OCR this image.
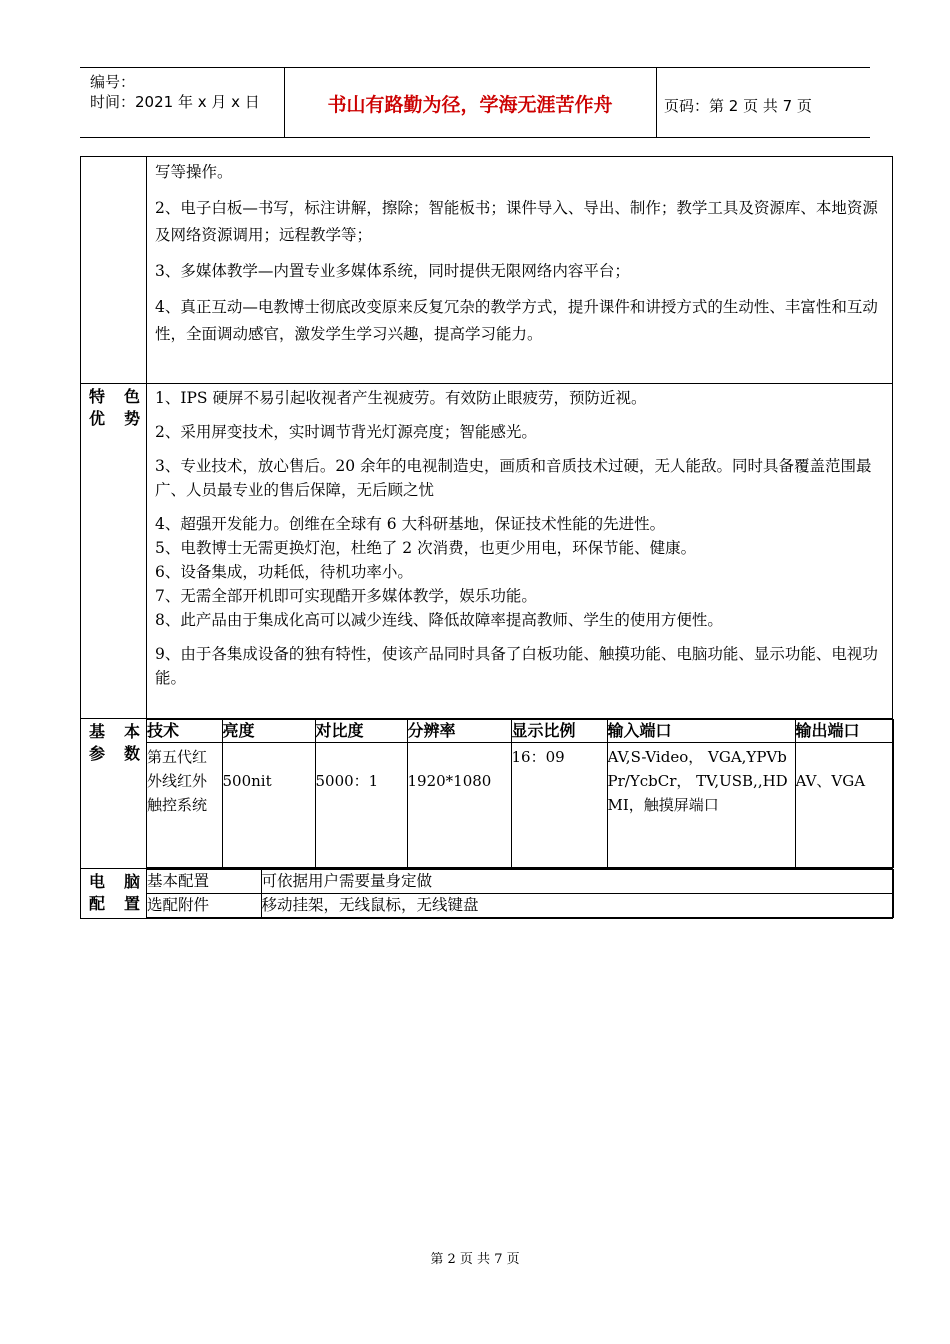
编号：
时间：2021 年 x 月 x 日	书山有路勤为径，学海无涯苦作舟	页码：第 2 页 共 7 页

写等操作。

2、电子白板—书写，标注讲解，擦除；智能板书；课件导入、导出、制作；教学工具及资源库、本地资源及网络资源调用；远程教学等；

3、多媒体教学—内置专业多媒体系统，同时提供无限网络内容平台；

4、真正互动—电教博士彻底改变原来反复冗杂的教学方式，提升课件和讲授方式的生动性、丰富性和互动性，全面调动感官，激发学生学习兴趣，提高学习能力。

特色
优势

1、IPS 硬屏不易引起收视者产生视疲劳。有效防止眼疲劳，预防近视。

2、采用屏变技术，实时调节背光灯源亮度；智能感光。

3、专业技术，放心售后。20 余年的电视制造史，画质和音质技术过硬，无人能敌。同时具备覆盖范围最广、人员最专业的售后保障，无后顾之忧

4、超强开发能力。创维在全球有 6 大科研基地，保证技术性能的先进性。

5、电教博士无需更换灯泡，杜绝了 2 次消费，也更少用电，环保节能、健康。

6、设备集成，功耗低，待机功率小。

7、无需全部开机即可实现酷开多媒体教学，娱乐功能。

8、此产品由于集成化高可以减少连线、降低故障率提高教师、学生的使用方便性。

9、由于各集成设备的独有特性，使该产品同时具备了白板功能、触摸功能、电脑功能、显示功能、电视功能。

基本
参数

技术	亮度	对比度	分辨率	显示比例	输入端口	输出端口
第五代红外线红外触控系统	500nit	5000：1	1920*1080	16：09	AV,S-Video， VGA,YPVbPr/YcbCr， TV,USB,,HDMI，触摸屏端口	AV、VGA

电脑
配置

基本配置	可依据用户需要量身定做
选配附件	移动挂架，无线鼠标，无线键盘
第 2 页 共 7 页
